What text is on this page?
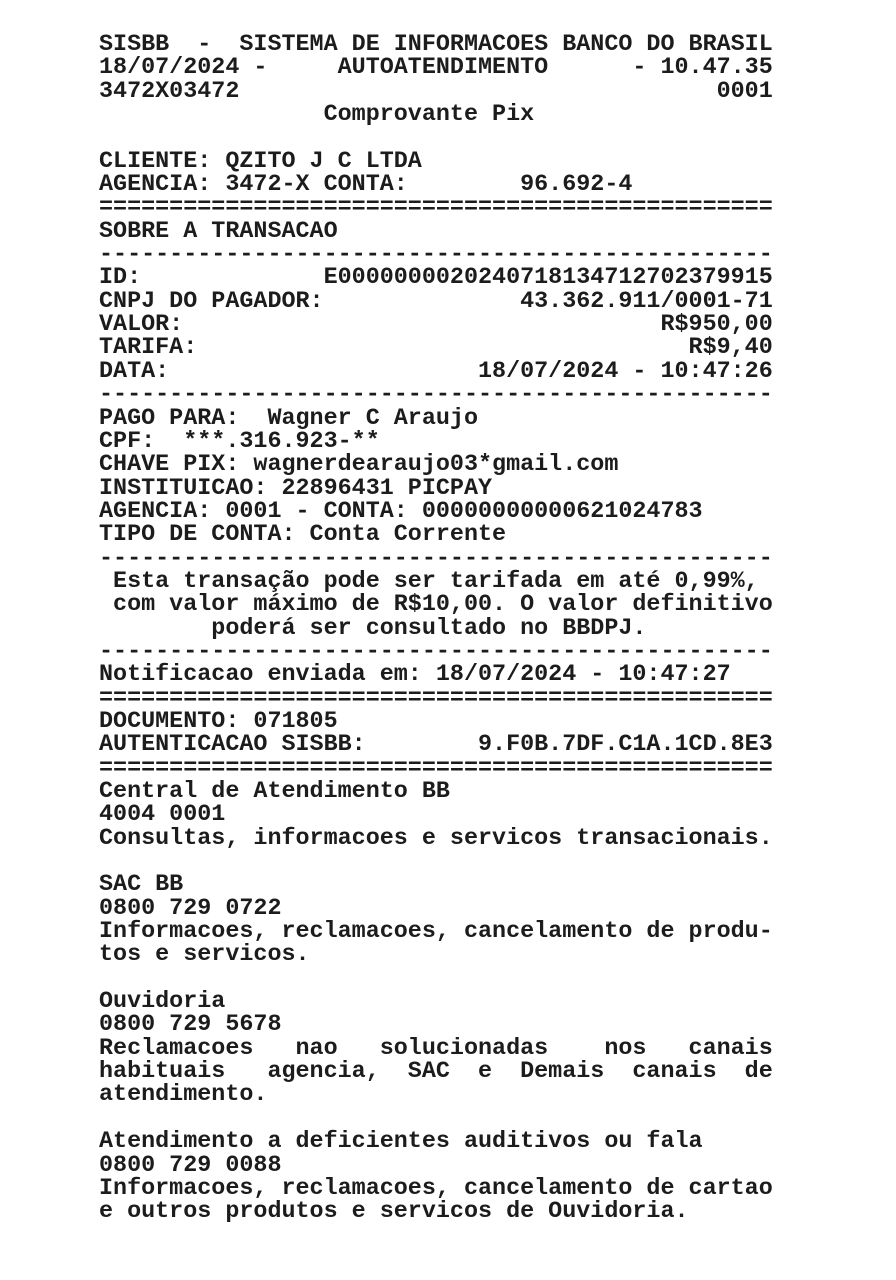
SISBB  -  SISTEMA DE INFORMACOES BANCO DO BRASIL
18/07/2024 -     AUTOATENDIMENTO      - 10.47.35
3472X03472                                  0001
Comprovante Pix
CLIENTE: QZITO J C LTDA
AGENCIA: 3472-X CONTA:        96.692-4
================================================
SOBRE A TRANSACAO
------------------------------------------------
ID:             E0000000020240718134712702379915
CNPJ DO PAGADOR:              43.362.911/0001-71
VALOR:                                  R$950,00
TARIFA:                                   R$9,40
DATA:                      18/07/2024 - 10:47:26
------------------------------------------------
PAGO PARA:  Wagner C Araujo
CPF:  ***.316.923-**
CHAVE PIX: wagnerdearaujo03*gmail.com
INSTITUICAO: 22896431 PICPAY
AGENCIA: 0001 - CONTA: 00000000000621024783
TIPO DE CONTA: Conta Corrente
------------------------------------------------
Esta transação pode ser tarifada em até 0,99%,
com valor máximo de R$10,00. O valor definitivo
poderá ser consultado no BBDPJ.
------------------------------------------------
Notificacao enviada em: 18/07/2024 - 10:47:27
================================================
DOCUMENTO: 071805
AUTENTICACAO SISBB:        9.F0B.7DF.C1A.1CD.8E3
================================================
Central de Atendimento BB
4004 0001
Consultas, informacoes e servicos transacionais.
SAC BB
0800 729 0722
Informacoes, reclamacoes, cancelamento de produ-
tos e servicos.
Ouvidoria
0800 729 5678
Reclamacoes   nao   solucionadas    nos   canais
habituais   agencia,  SAC  e  Demais  canais  de
atendimento.
Atendimento a deficientes auditivos ou fala
0800 729 0088
Informacoes, reclamacoes, cancelamento de cartao
e outros produtos e servicos de Ouvidoria.
